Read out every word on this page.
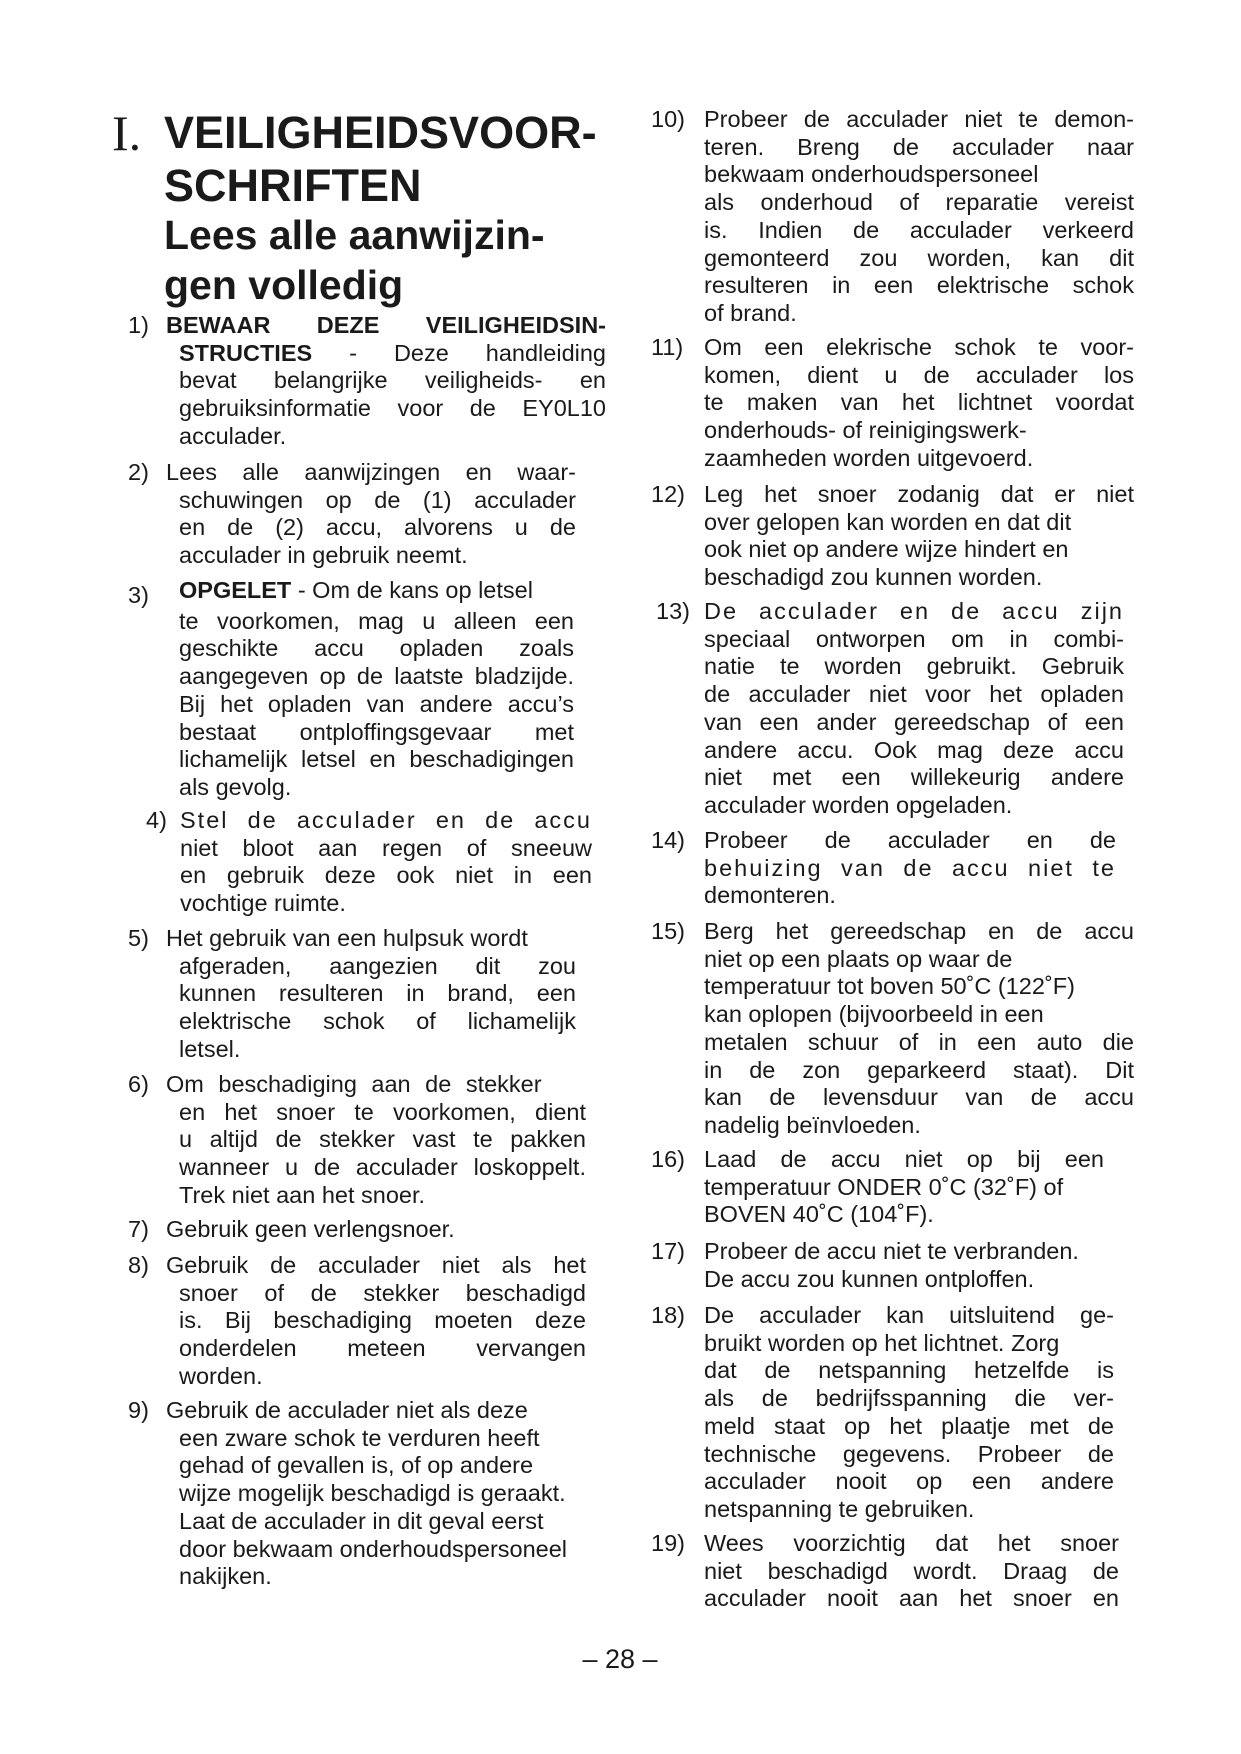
I. VEILIGHEIDSVOOR-
SCHRIFTEN
Lees alle aanwijzin-
gen volledig
1) BEWAAR DEZE VEILIGHEIDSIN-
STRUCTIES - Deze handleiding
bevat belangrijke veiligheids- en
gebruiksinformatie voor de EY0L10
acculader.
2) Lees alle aanwijzingen en waar-
schuwingen op de (1) acculader
en de (2) accu, alvorens u de
acculader in gebruik neemt.
3) OPGELET - Om de kans op letsel
te voorkomen, mag u alleen een
geschikte accu opladen zoals
aangegeven op de laatste bladzijde.
Bij het opladen van andere accu’s
bestaat ontploffingsgevaar met
lichamelijk letsel en beschadigingen
als gevolg.
4) Stel de acculader en de accu
niet bloot aan regen of sneeuw
en gebruik deze ook niet in een
vochtige ruimte.
5) Het gebruik van een hulpsuk wordt
afgeraden, aangezien dit zou
kunnen resulteren in brand, een
elektrische schok of lichamelijk
letsel.
6) Om beschadiging aan de stekker
en het snoer te voorkomen, dient
u altijd de stekker vast te pakken
wanneer u de acculader loskoppelt.
Trek niet aan het snoer.
7) Gebruik geen verlengsnoer.
8) Gebruik de acculader niet als het
snoer of de stekker beschadigd
is. Bij beschadiging moeten deze
onderdelen meteen vervangen
worden.
9) Gebruik de acculader niet als deze
een zware schok te verduren heeft
gehad of gevallen is, of op andere
wijze mogelijk beschadigd is geraakt.
Laat de acculader in dit geval eerst
door bekwaam onderhoudspersoneel
nakijken.
10) Probeer de acculader niet te demon-
teren. Breng de acculader naar
bekwaam onderhoudspersoneel
als onderhoud of reparatie vereist
is. Indien de acculader verkeerd
gemonteerd zou worden, kan dit
resulteren in een elektrische schok
of brand.
11) Om een elekrische schok te voor-
komen, dient u de acculader los
te maken van het lichtnet voordat
onderhouds- of reinigingswerk-
zaamheden worden uitgevoerd.
12) Leg het snoer zodanig dat er niet
over gelopen kan worden en dat dit
ook niet op andere wijze hindert en
beschadigd zou kunnen worden.
13) De acculader en de accu zijn
speciaal ontworpen om in combi-
natie te worden gebruikt. Gebruik
de acculader niet voor het opladen
van een ander gereedschap of een
andere accu. Ook mag deze accu
niet met een willekeurig andere
acculader worden opgeladen.
14) Probeer de acculader en de
behuizing van de accu niet te
demonteren.
15) Berg het gereedschap en de accu
niet op een plaats op waar de
temperatuur tot boven 50˚C (122˚F)
kan oplopen (bijvoorbeeld in een
metalen schuur of in een auto die
in de zon geparkeerd staat). Dit
kan de levensduur van de accu
nadelig beïnvloeden.
16) Laad de accu niet op bij een
temperatuur ONDER 0˚C (32˚F) of
BOVEN 40˚C (104˚F).
17) Probeer de accu niet te verbranden.
De accu zou kunnen ontploffen.
18) De acculader kan uitsluitend ge-
bruikt worden op het lichtnet. Zorg
dat de netspanning hetzelfde is
als de bedrijfsspanning die ver-
meld staat op het plaatje met de
technische gegevens. Probeer de
acculader nooit op een andere
netspanning te gebruiken.
19) Wees voorzichtig dat het snoer
niet beschadigd wordt. Draag de
acculader nooit aan het snoer en
– 28 –
